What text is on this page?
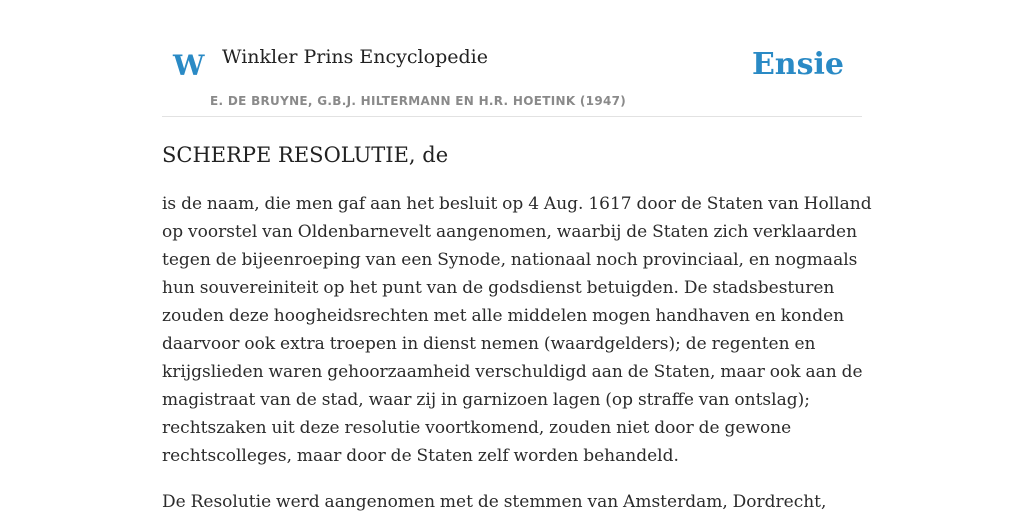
W Winkler Prins Encyclopedie
E. DE BRUYNE, G.B.J. HILTERMANN EN H.R. HOETINK (1947)
Ensie
SCHERPE RESOLUTIE, de

is de naam, die men gaf aan het besluit op 4 Aug. 1617 door de Staten van Holland
op voorstel van Oldenbarnevelt aangenomen, waarbij de Staten zich verklaarden
tegen de bijeenroeping van een Synode, nationaal noch provinciaal, en nogmaals
hun souvereiniteit op het punt van de godsdienst betuigden. De stadsbesturen
zouden deze hoogheidsrechten met alle middelen mogen handhaven en konden
daarvoor ook extra troepen in dienst nemen (waardgelders); de regenten en
krijgslieden waren gehoorzaamheid verschuldigd aan de Staten, maar ook aan de
magistraat van de stad, waar zij in garnizoen lagen (op straffe van ontslag);
rechtszaken uit deze resolutie voortkomend, zouden niet door de gewone
rechtscolleges, maar door de Staten zelf worden behandeld.

De Resolutie werd aangenomen met de stemmen van Amsterdam, Dordrecht,
